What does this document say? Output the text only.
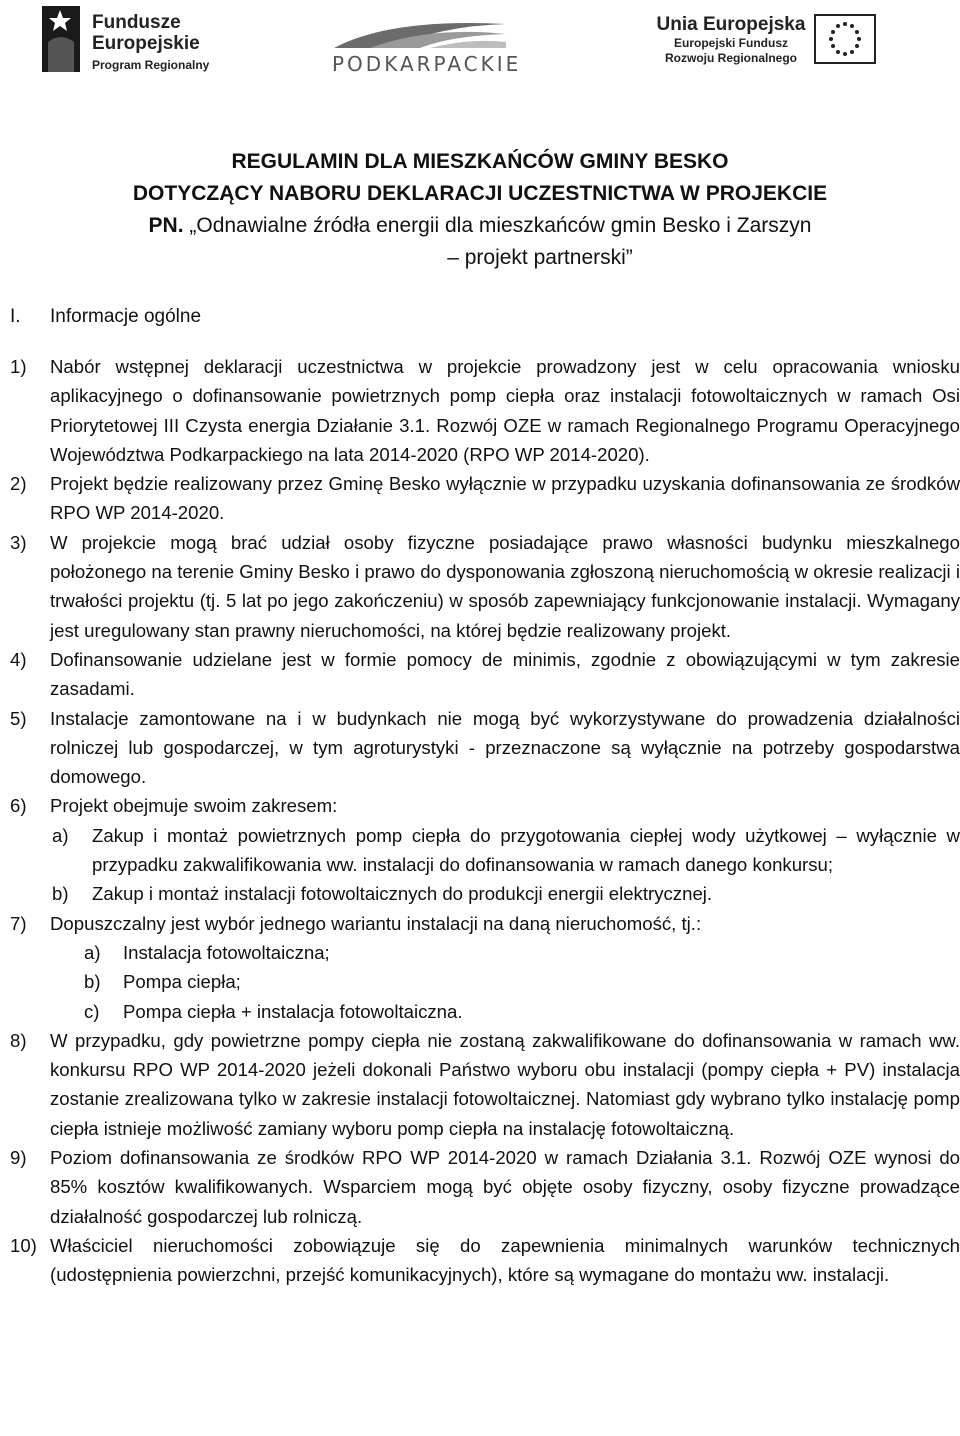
Fundusze
Europejskie
Program Regionalny	PODKARPACKIE
Unia Europejska
Europejski Fundusz
Rozwoju Regionalnego
REGULAMIN DLA MIESZKAŃCÓW GMINY BESKO
DOTYCZĄCY NABORU DEKLARACJI UCZESTNICTWA W PROJEKCIE
PN. „Odnawialne źródła energii dla mieszkańców gmin Besko i Zarszyn
– projekt partnerski”
I. Informacje ogólne
1) Nabór wstępnej deklaracji uczestnictwa w projekcie prowadzony jest w celu opracowania wniosku aplikacyjnego o dofinansowanie powietrznych pomp ciepła oraz instalacji fotowoltaicznych w ramach Osi Priorytetowej III Czysta energia Działanie 3.1. Rozwój OZE w ramach Regionalnego Programu Operacyjnego Województwa Podkarpackiego na lata 2014-2020 (RPO WP 2014-2020).
2) Projekt będzie realizowany przez Gminę Besko wyłącznie w przypadku uzyskania dofinansowania ze środków RPO WP 2014-2020.
3) W projekcie mogą brać udział osoby fizyczne posiadające prawo własności budynku mieszkalnego położonego na terenie Gminy Besko i prawo do dysponowania zgłoszoną nieruchomością w okresie realizacji i trwałości projektu (tj. 5 lat po jego zakończeniu) w sposób zapewniający funkcjonowanie instalacji. Wymagany jest uregulowany stan prawny nieruchomości, na której będzie realizowany projekt.
4) Dofinansowanie udzielane jest w formie pomocy de minimis, zgodnie z obowiązującymi w tym zakresie zasadami.
5) Instalacje zamontowane na i w budynkach nie mogą być wykorzystywane do prowadzenia działalności rolniczej lub gospodarczej, w tym agroturystyki - przeznaczone są wyłącznie na potrzeby gospodarstwa domowego.
6) Projekt obejmuje swoim zakresem:
a) Zakup i montaż powietrznych pomp ciepła do przygotowania ciepłej wody użytkowej – wyłącznie w przypadku zakwalifikowania ww. instalacji do dofinansowania w ramach danego konkursu;
b) Zakup i montaż instalacji fotowoltaicznych do produkcji energii elektrycznej.
7) Dopuszczalny jest wybór jednego wariantu instalacji na daną nieruchomość, tj.:
a) Instalacja fotowoltaiczna;
b) Pompa ciepła;
c) Pompa ciepła + instalacja fotowoltaiczna.
8) W przypadku, gdy powietrzne pompy ciepła nie zostaną zakwalifikowane do dofinansowania w ramach ww. konkursu RPO WP 2014-2020 jeżeli dokonali Państwo wyboru obu instalacji (pompy ciepła + PV) instalacja zostanie zrealizowana tylko w zakresie instalacji fotowoltaicznej. Natomiast gdy wybrano tylko instalację pomp ciepła istnieje możliwość zamiany wyboru pomp ciepła na instalację fotowoltaiczną.
9) Poziom dofinansowania ze środków RPO WP 2014-2020 w ramach Działania 3.1. Rozwój OZE wynosi do 85% kosztów kwalifikowanych. Wsparciem mogą być objęte osoby fizyczny, osoby fizyczne prowadzące działalność gospodarczej lub rolniczą.
10) Właściciel nieruchomości zobowiązuje się do zapewnienia minimalnych warunków technicznych (udostępnienia powierzchni, przejść komunikacyjnych), które są wymagane do montażu ww. instalacji.
